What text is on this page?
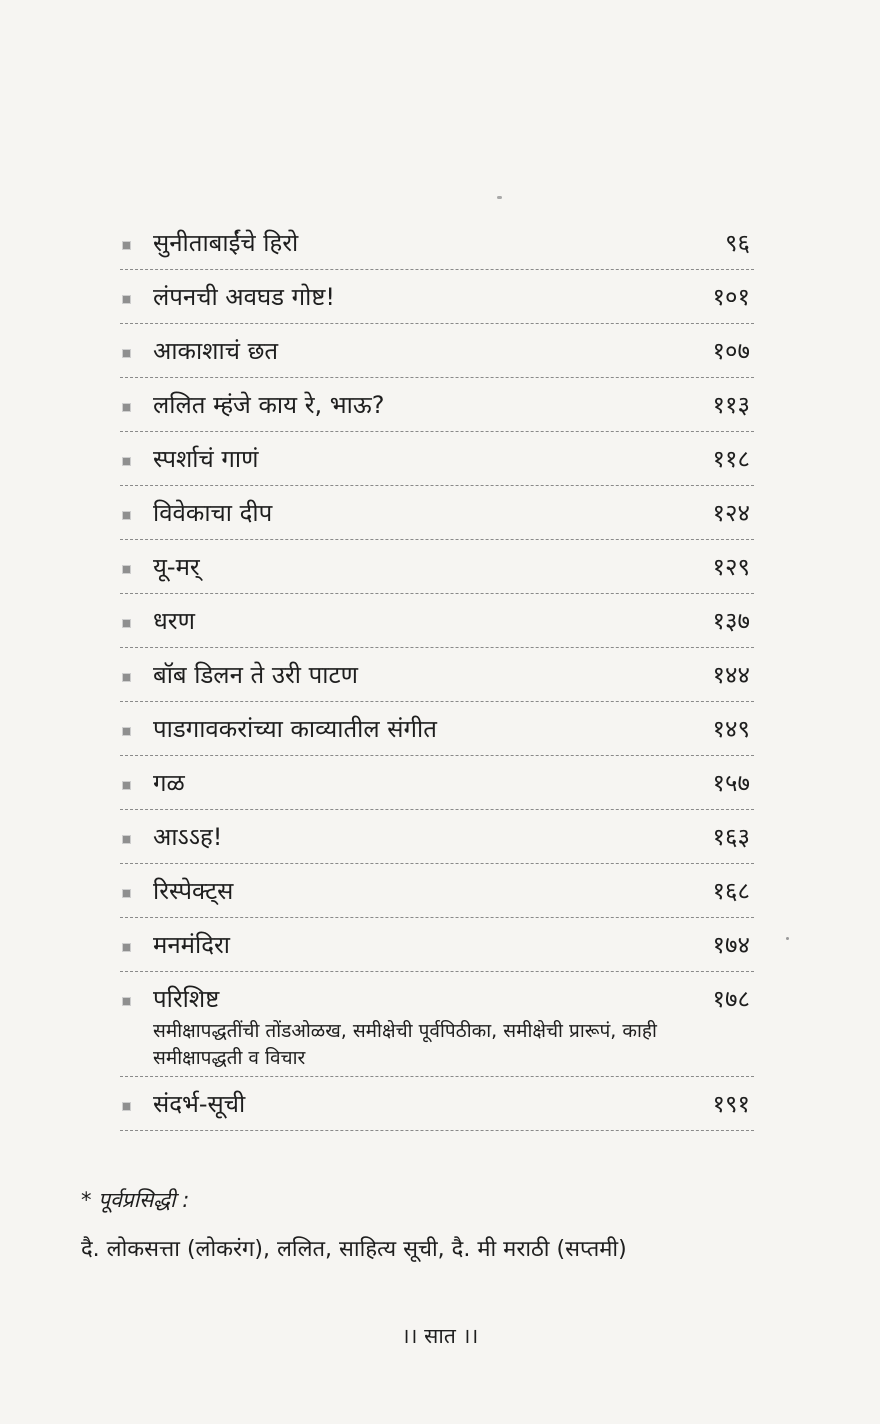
सुनीताबाईंचे हिरो	९६
लंपनची अवघड गोष्ट!	१०१
आकाशाचं छत	१०७
ललित म्हंजे काय रे, भाऊ?	११३
स्पर्शाचं गाणं	११८
विवेकाचा दीप	१२४
यू-मर्	१२९
धरण	१३७
बॉब डिलन ते उरी पाटण	१४४
पाडगावकरांच्या काव्यातील संगीत	१४९
गळ	१५७
आऽऽह!	१६३
रिस्पेक्ट्स	१६८
मनमंदिरा	१७४
परिशिष्ट	१७८
समीक्षापद्धतींची तोंडओळख, समीक्षेची पूर्वपिठीका, समीक्षेची प्रारूपं, काही समीक्षापद्धती व विचार
संदर्भ-सूची	१९१
* पूर्वप्रसिद्धी :
दै. लोकसत्ता (लोकरंग), ललित, साहित्य सूची, दै. मी मराठी (सप्तमी)
।। सात ।।
